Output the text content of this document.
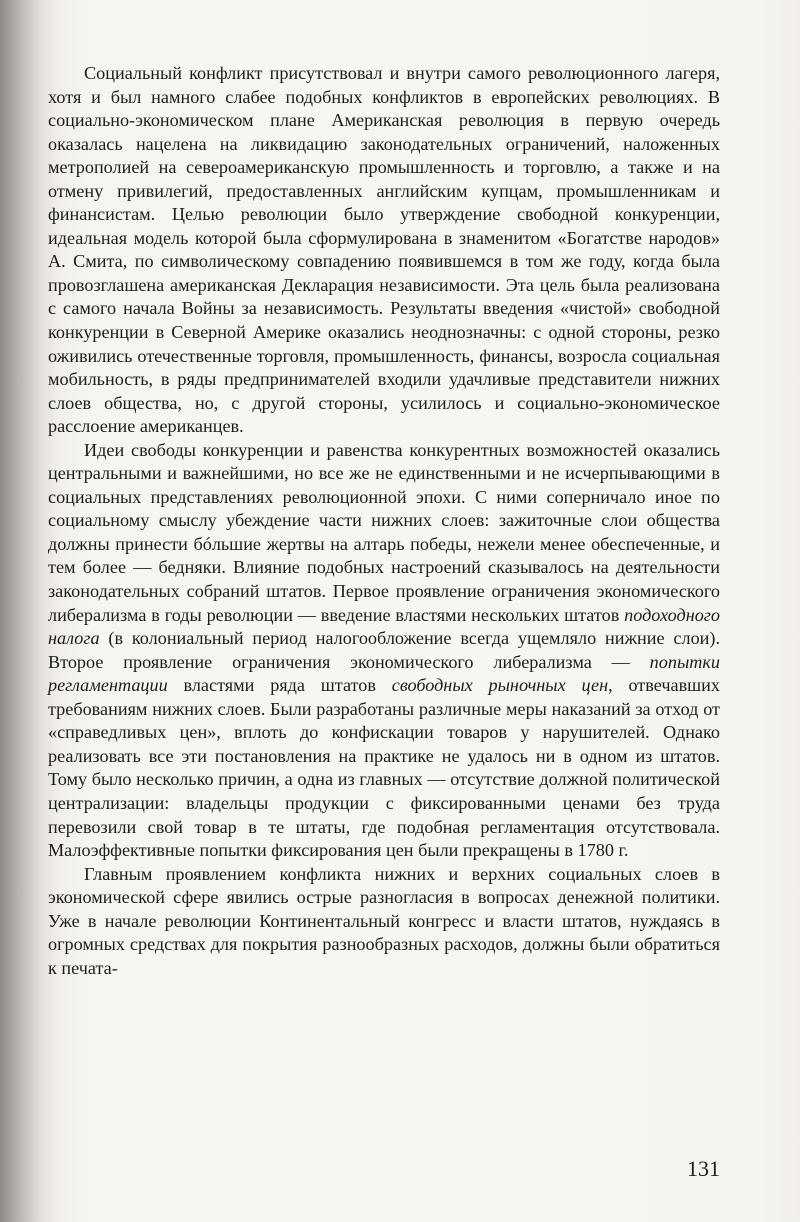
Социальный конфликт присутствовал и внутри самого революционного лагеря, хотя и был намного слабее подобных конфликтов в европейских революциях. В социально-экономическом плане Американская революция в первую очередь оказалась нацелена на ликвидацию законодательных ограничений, наложенных метрополией на североамериканскую промышленность и торговлю, а также и на отмену привилегий, предоставленных английским купцам, промышленникам и финансистам. Целью революции было утверждение свободной конкуренции, идеальная модель которой была сформулирована в знаменитом «Богатстве народов» А. Смита, по символическому совпадению появившемся в том же году, когда была провозглашена американская Декларация независимости. Эта цель была реализована с самого начала Войны за независимость. Результаты введения «чистой» свободной конкуренции в Северной Америке оказались неоднозначны: с одной стороны, резко оживились отечественные торговля, промышленность, финансы, возросла социальная мобильность, в ряды предпринимателей входили удачливые представители нижних слоев общества, но, с другой стороны, усилилось и социально-экономическое расслоение американцев.

Идеи свободы конкуренции и равенства конкурентных возможностей оказались центральными и важнейшими, но все же не единственными и не исчерпывающими в социальных представлениях революционной эпохи. С ними соперничало иное по социальному смыслу убеждение части нижних слоев: зажиточные слои общества должны принести бóльшие жертвы на алтарь победы, нежели менее обеспеченные, и тем более — бедняки. Влияние подобных настроений сказывалось на деятельности законодательных собраний штатов. Первое проявление ограничения экономического либерализма в годы революции — введение властями нескольких штатов подоходного налога (в колониальный период налогообложение всегда ущемляло нижние слои). Второе проявление ограничения экономического либерализма — попытки регламентации властями ряда штатов свободных рыночных цен, отвечавших требованиям нижних слоев. Были разработаны различные меры наказаний за отход от «справедливых цен», вплоть до конфискации товаров у нарушителей. Однако реализовать все эти постановления на практике не удалось ни в одном из штатов. Тому было несколько причин, а одна из главных — отсутствие должной политической централизации: владельцы продукции с фиксированными ценами без труда перевозили свой товар в те штаты, где подобная регламентация отсутствовала. Малоэффективные попытки фиксирования цен были прекращены в 1780 г.

Главным проявлением конфликта нижних и верхних социальных слоев в экономической сфере явились острые разногласия в вопросах денежной политики. Уже в начале революции Континентальный конгресс и власти штатов, нуждаясь в огромных средствах для покрытия разнообразных расходов, должны были обратиться к печата-

131
